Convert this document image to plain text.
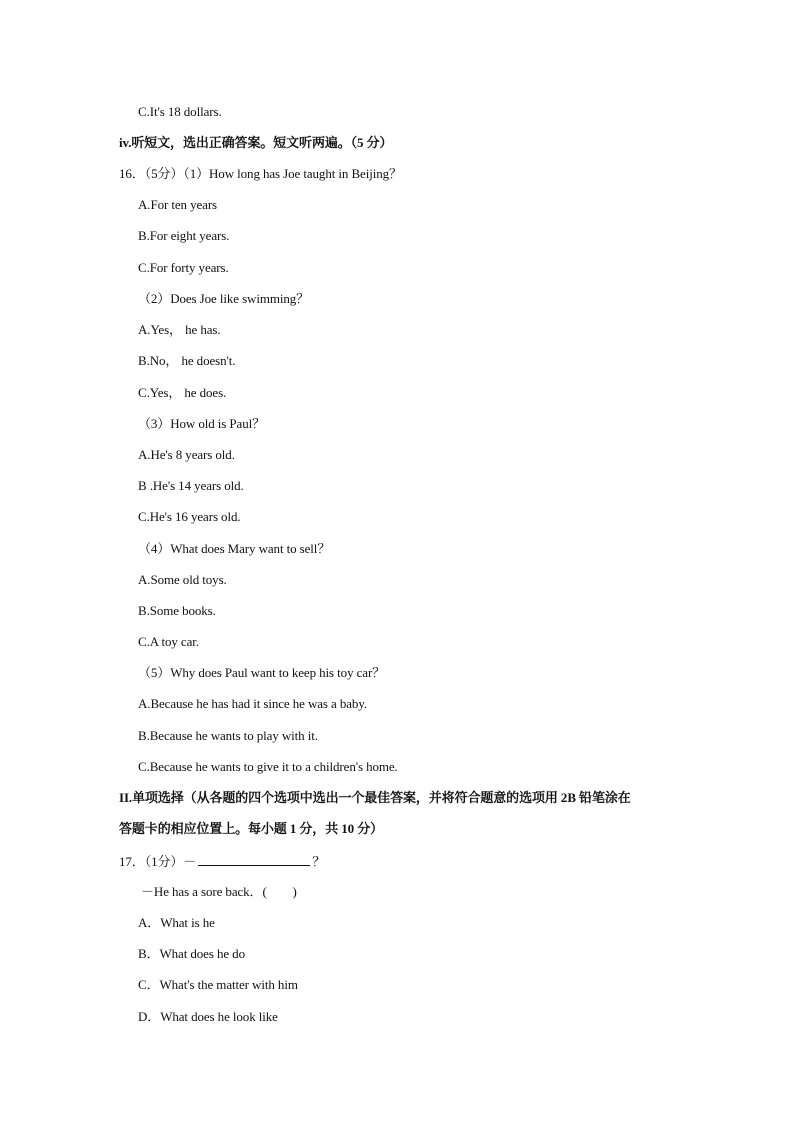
C.It's 18 dollars.
iv.听短文，选出正确答案。短文听两遍。（5 分）
16．（5分）（1）How long has Joe taught in Beijing？
A.For ten years
B.For eight years.
C.For forty years.
（2）Does Joe like swimming？
A.Yes， he has.
B.No， he doesn't.
C.Yes， he does.
（3）How old is Paul？
A.He's 8 years old.
B .He's 14 years old.
C.He's 16 years old.
（4）What does Mary want to sell？
A.Some old toys.
B.Some books.
C.A toy car.
（5）Why does Paul want to keep his toy car？
A.Because he has had it since he was a baby.
B.Because he wants to play with it.
C.Because he wants to give it to a children's home.
II.单项选择（从各题的四个选项中选出一个最佳答案，并将符合题意的选项用 2B 铅笔涂在
答题卡的相应位置上。每小题 1 分，共 10 分）
17．（1分）－	？
－He has a sore back．(　　)
A．What is he
B．What does he do
C．What's the matter with him
D．What does he look like
